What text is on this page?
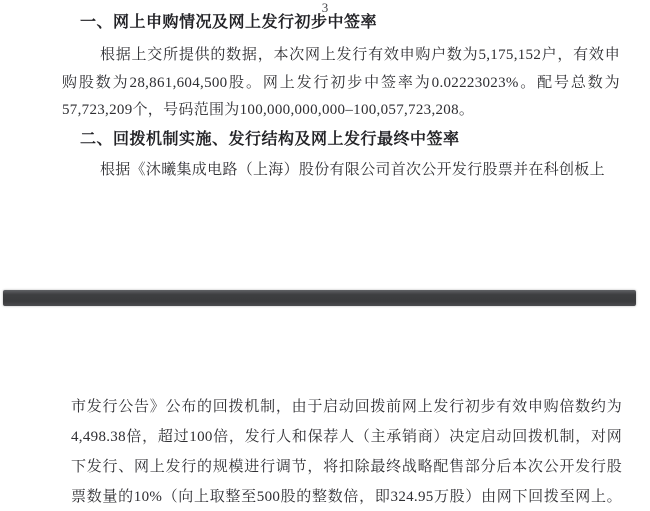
一、网上申购情况及网上发行初步中签率
根据上交所提供的数据，本次网上发行有效申购户数为5,175,152户，有效申
购股数为28,861,604,500股。网上发行初步中签率为0.02223023%。配号总数为
57,723,209个，号码范围为100,000,000,000–100,057,723,208。
二、回拨机制实施、发行结构及网上发行最终中签率
根据《沐曦集成电路（上海）股份有限公司首次公开发行股票并在科创板上
3
市发行公告》公布的回拨机制，由于启动回拨前网上发行初步有效申购倍数约为
4,498.38倍，超过100倍，发行人和保荐人（主承销商）决定启动回拨机制，对网
下发行、网上发行的规模进行调节，将扣除最终战略配售部分后本次公开发行股
票数量的10%（向上取整至500股的整数倍，即324.95万股）由网下回拨至网上。
